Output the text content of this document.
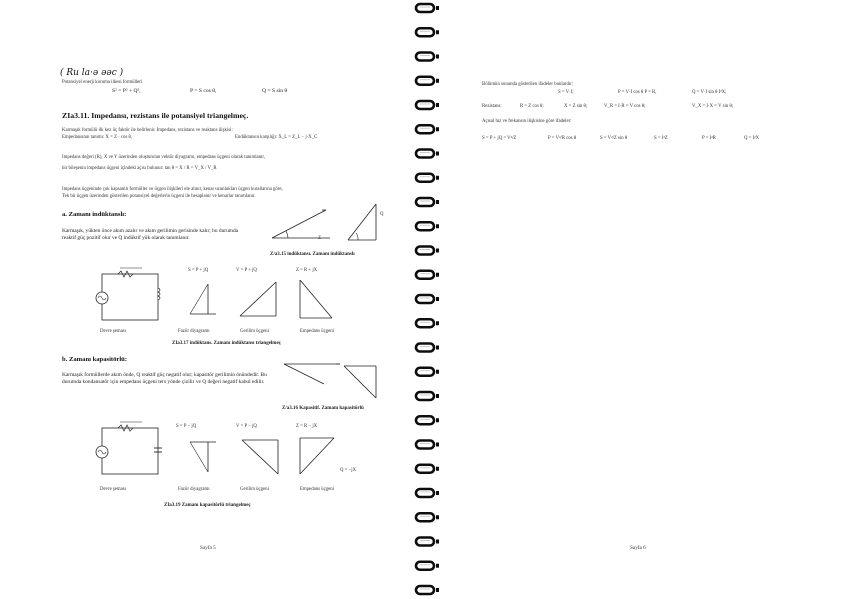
( Ru la·ǝ ǝǝc )
Potansiyel enerji koruma ilkesi formülleri
S² = P² + Q²,	P = S cos θ,	Q = S sin θ
ZIa3.11. Impedansı, rezistans ile potansiyel triangelmeç.
Karmaşık formülü ilk kez üç faktör ile belirlenir. Impedans, rezistans ve reaktans ilişkisi:
Empedansının tanımı: X = Z · cos θ,	Endüktansın karşılığı: X_L = Z_L − j·X_C
Impedans değeri (R), X ve Y üzerinden oluşturulan vektör diyagramı, empedans üçgeni olarak tanımlanır,
bir bileşenin impedans üçgeni içindeki açısı bulunur: tan θ = X / R = V_X / V_R
Impedans üçgeninde çok kapsamlı formüller ve üçgen ilişkileri ele alınır, kenar uzunlukları üçgen kurallarına göre,
Tek bir üçgen üzerinden gösterilen potansiyel değerlerin üçgeni ile hesaplanır ve kenarlar tanımlanır.
a. Zamanı indüktanslı:
Karmaşık, yükten önce akım azalır ve akım gerilimin gerisinde kalır; bu durumda reaktif güç pozitif olur ve Q indüktif yük olarak tanımlanır.	Z
Q
Z/a3.15 indüktansı. Zamanı indüktanslı
S = P + jQ	V = P + jQ	Z = R + jX
Devre şeması	Fazör diyagramı	Gerilim üçgeni	Empedans üçgeni
ZIa3.17 indüktans. Zamanı indüktansı triangelmeç
b. Zamanı kapasitörlü:
Karmaşık formüllerde akım önde, Q reaktif güç negatif olur; kapasitör gerilimin önündedir. Bu durumda kondansatör için empedans üçgeni ters yönde çizilir ve Q değeri negatif kabul edilir.
Z/a3.16 Kapasitif. Zamanı kapasitörlü
S = P − jQ	V = P − jQ	Z = R − jX
Devre şeması	Fazör diyagramı	Gerilim üçgeni
Q = −jX
Empedans üçgeni
ZIa3.19 Zamanı kapasitörlü triangelmeç
Sayfa 5
Bölümün sonunda gösterilen ifadeler bunlardır:
S = V·I;	P = V·I cos θ P = R,	Q = V·I sin θ I²X;
Rezistans:	R = Z cos θ;	X = Z sin θ;	V_R = I·R = V cos θ;	V_X = I·X = V sin θ;
Açısal hız ve frekansın ilişkisine göre ifadeler:
S = P + jQ = V²/Z	P = V²/R cos θ	S = V²/Z sin θ	S = I²Z	P = I²R	Q = I²X
Sayfa 6
